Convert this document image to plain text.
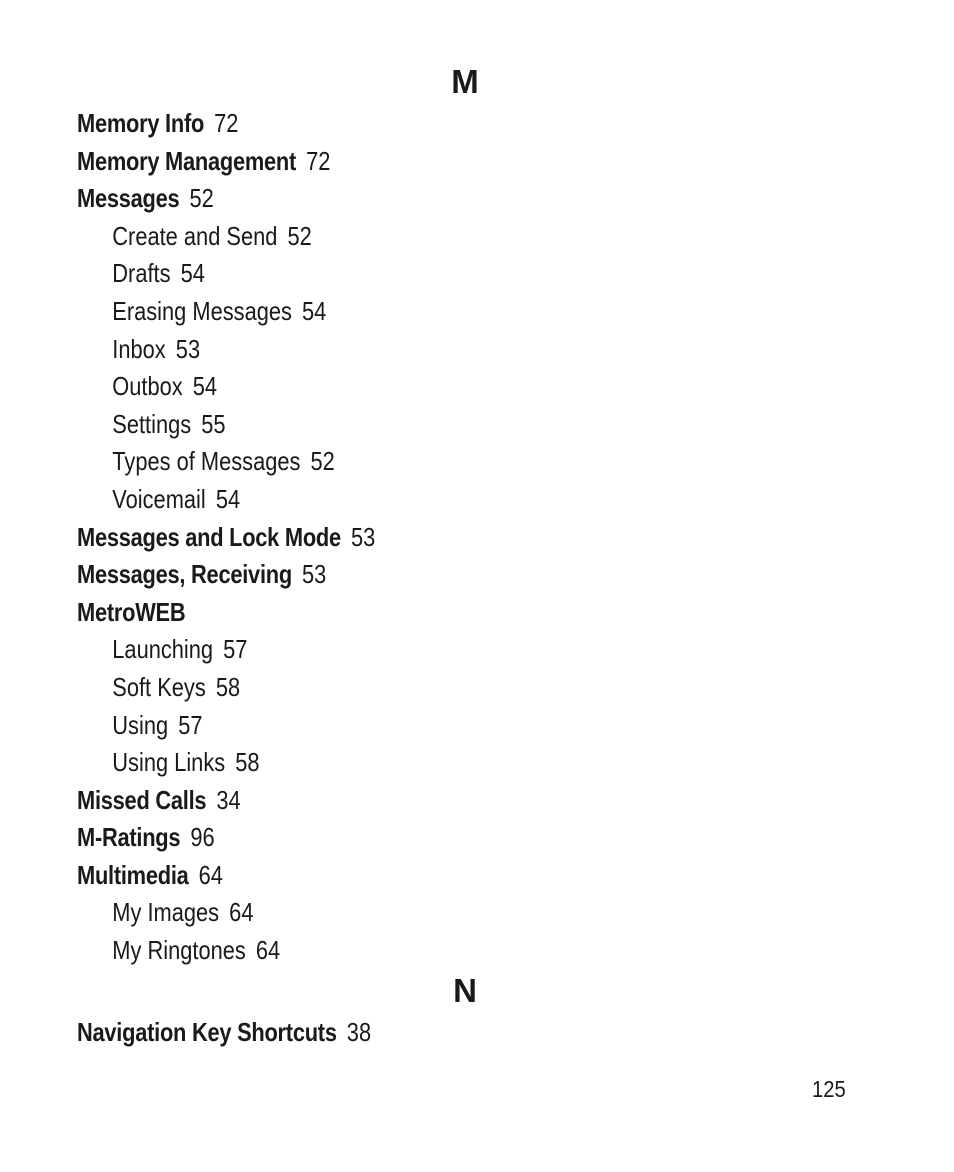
M
Memory Info 72
Memory Management 72
Messages 52
Create and Send 52
Drafts 54
Erasing Messages 54
Inbox 53
Outbox 54
Settings 55
Types of Messages 52
Voicemail 54
Messages and Lock Mode 53
Messages, Receiving 53
MetroWEB
Launching 57
Soft Keys 58
Using 57
Using Links 58
Missed Calls 34
M-Ratings 96
Multimedia 64
My Images 64
My Ringtones 64
N
Navigation Key Shortcuts 38
125
